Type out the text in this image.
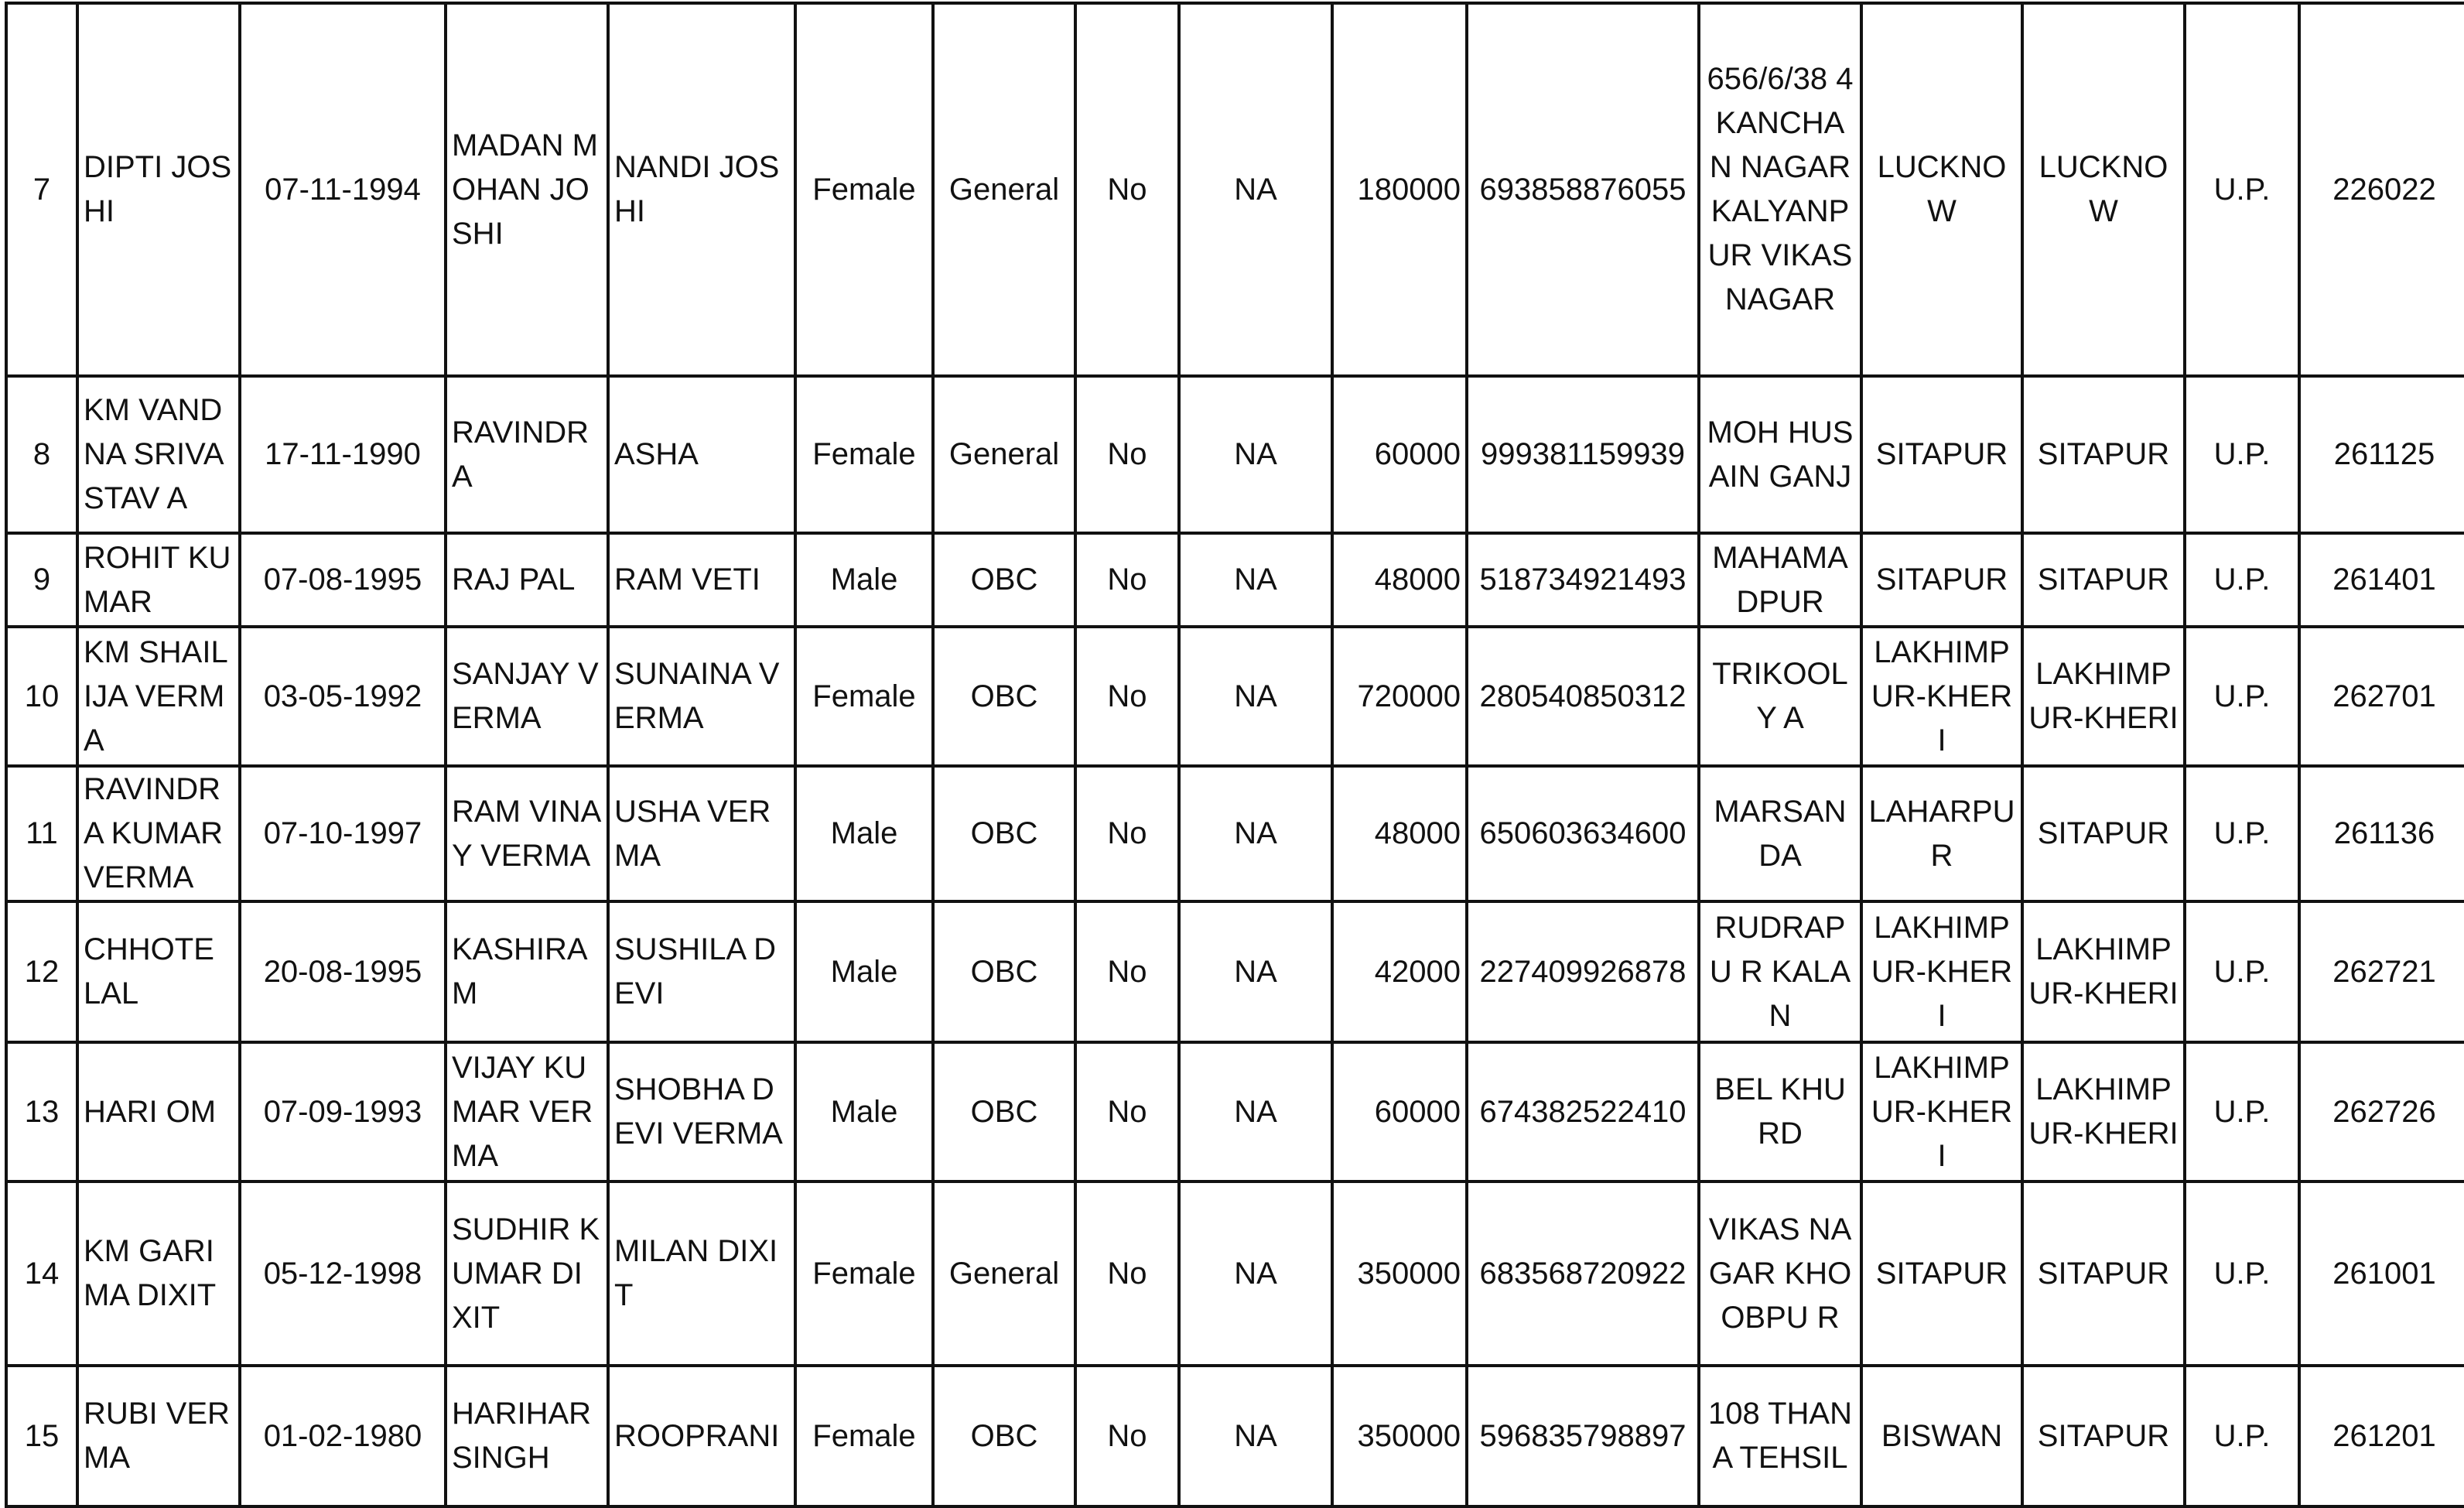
7	DIPTI JOSHI	07-11-1994	MADAN MOHAN JOSHI	NANDI JOSHI	Female	General	No	NA	180000	693858876055	656/6/38 4 KANCHAN NAGAR KALYANP UR VIKAS NAGAR	LUCKNO W	LUCKNO W	U.P.	226022
8	KM VANDNA SRIVASTAV A	17-11-1990	RAVINDRA	ASHA	Female	General	No	NA	60000	999381159939	MOH HUSAIN GANJ	SITAPUR	SITAPUR	U.P.	261125
9	ROHIT KUMAR	07-08-1995	RAJ PAL	RAM VETI	Male	OBC	No	NA	48000	518734921493	MAHAMA DPUR	SITAPUR	SITAPUR	U.P.	261401
10	KM SHAILIJA VERMA	03-05-1992	SANJAY VERMA	SUNAINA VERMA	Female	OBC	No	NA	720000	280540850312	TRIKOOLY A	LAKHIMP UR-KHERI	LAKHIMP UR-KHERI	U.P.	262701
11	RAVINDRA KUMAR VERMA	07-10-1997	RAM VINAY VERMA	USHA VERMA	Male	OBC	No	NA	48000	650603634600	MARSAN DA	LAHARPU R	SITAPUR	U.P.	261136
12	CHHOTE LAL	20-08-1995	KASHIRAM	SUSHILA DEVI	Male	OBC	No	NA	42000	227409926878	RUDRAPU R KALAN	LAKHIMP UR-KHERI	LAKHIMP UR-KHERI	U.P.	262721
13	HARI OM	07-09-1993	VIJAY KUMAR VERMA	SHOBHA DEVI VERMA	Male	OBC	No	NA	60000	674382522410	BEL KHURD	LAKHIMP UR-KHERI	LAKHIMP UR-KHERI	U.P.	262726
14	KM GARIMA DIXIT	05-12-1998	SUDHIR KUMAR DIXIT	MILAN DIXIT	Female	General	No	NA	350000	683568720922	VIKAS NAGAR KHOOBPU R	SITAPUR	SITAPUR	U.P.	261001
15	RUBI VERMA	01-02-1980	HARIHAR SINGH	ROOPRANI	Female	OBC	No	NA	350000	596835798897	108 THANA TEHSIL	BISWAN	SITAPUR	U.P.	261201
